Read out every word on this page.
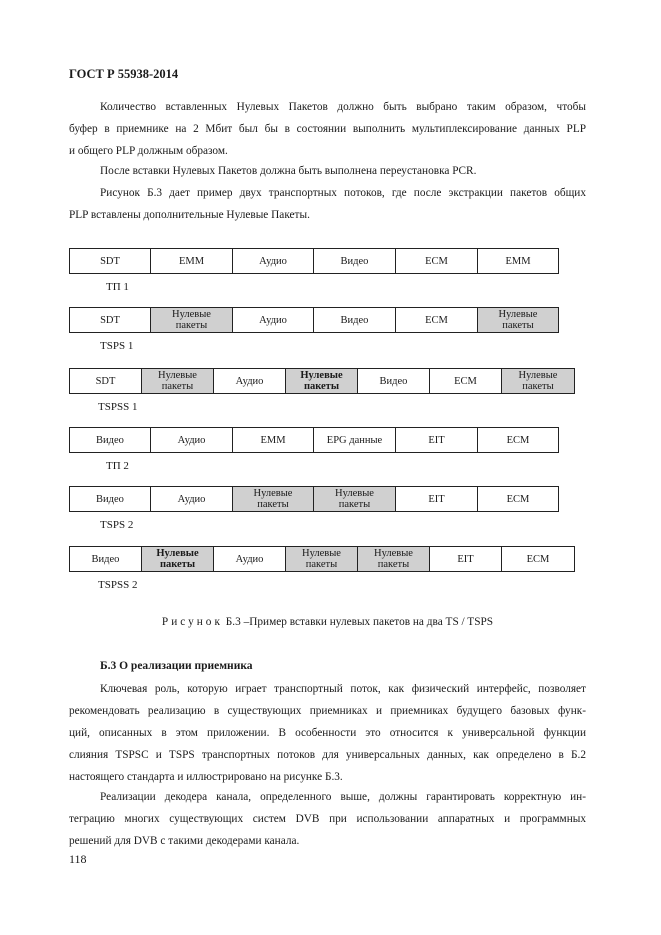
ГОСТ Р 55938-2014
Количество вставленных Нулевых Пакетов должно быть выбрано таким образом, чтобы
буфер в приемнике на 2 Мбит был бы в состоянии выполнить мультиплексирование данных PLP
и общего PLP должным образом.
После вставки Нулевых Пакетов должна быть выполнена переустановка PCR.
Рисунок Б.3 дает пример двух транспортных потоков, где после экстракции пакетов общих
PLP вставлены дополнительные Нулевые Пакеты.
SDT	EMM	Аудио	Видео	ECM	EMM
ТП 1
SDT	Нулевые
пакеты	Аудио	Видео	ECM	Нулевые
пакеты
TSPS 1
SDT	Нулевые
пакеты	Аудио	Нулевые
пакеты	Видео	ECM	Нулевые
пакеты
TSPSS 1
Видео	Аудио	EMM	EPG данные	EIT	ECM
ТП 2
Видео	Аудио	Нулевые
пакеты
Нулевые
пакеты	EIT	ECM
TSPS 2
Видео	Нулевые
пакеты	Аудио	Нулевые
пакеты
Нулевые
пакеты	EIT	ECM
TSPSS 2
Рисунок Б.3 –Пример вставки нулевых пакетов на два TS / TSPS
Б.3 О реализации приемника
Ключевая роль, которую играет транспортный поток, как физический интерфейс, позволяет
рекомендовать реализацию в существующих приемниках и приемниках будущего базовых функ-
ций, описанных в этом приложении. В особенности это относится к универсальной функции
слияния TSPSC и TSPS транспортных потоков для универсальных данных, как определено в Б.2
настоящего стандарта и иллюстрировано на рисунке Б.3.
Реализации декодера канала, определенного выше, должны гарантировать корректную ин-
теграцию многих существующих систем DVB при использовании аппаратных и программных
решений для DVB с такими декодерами канала.
118
